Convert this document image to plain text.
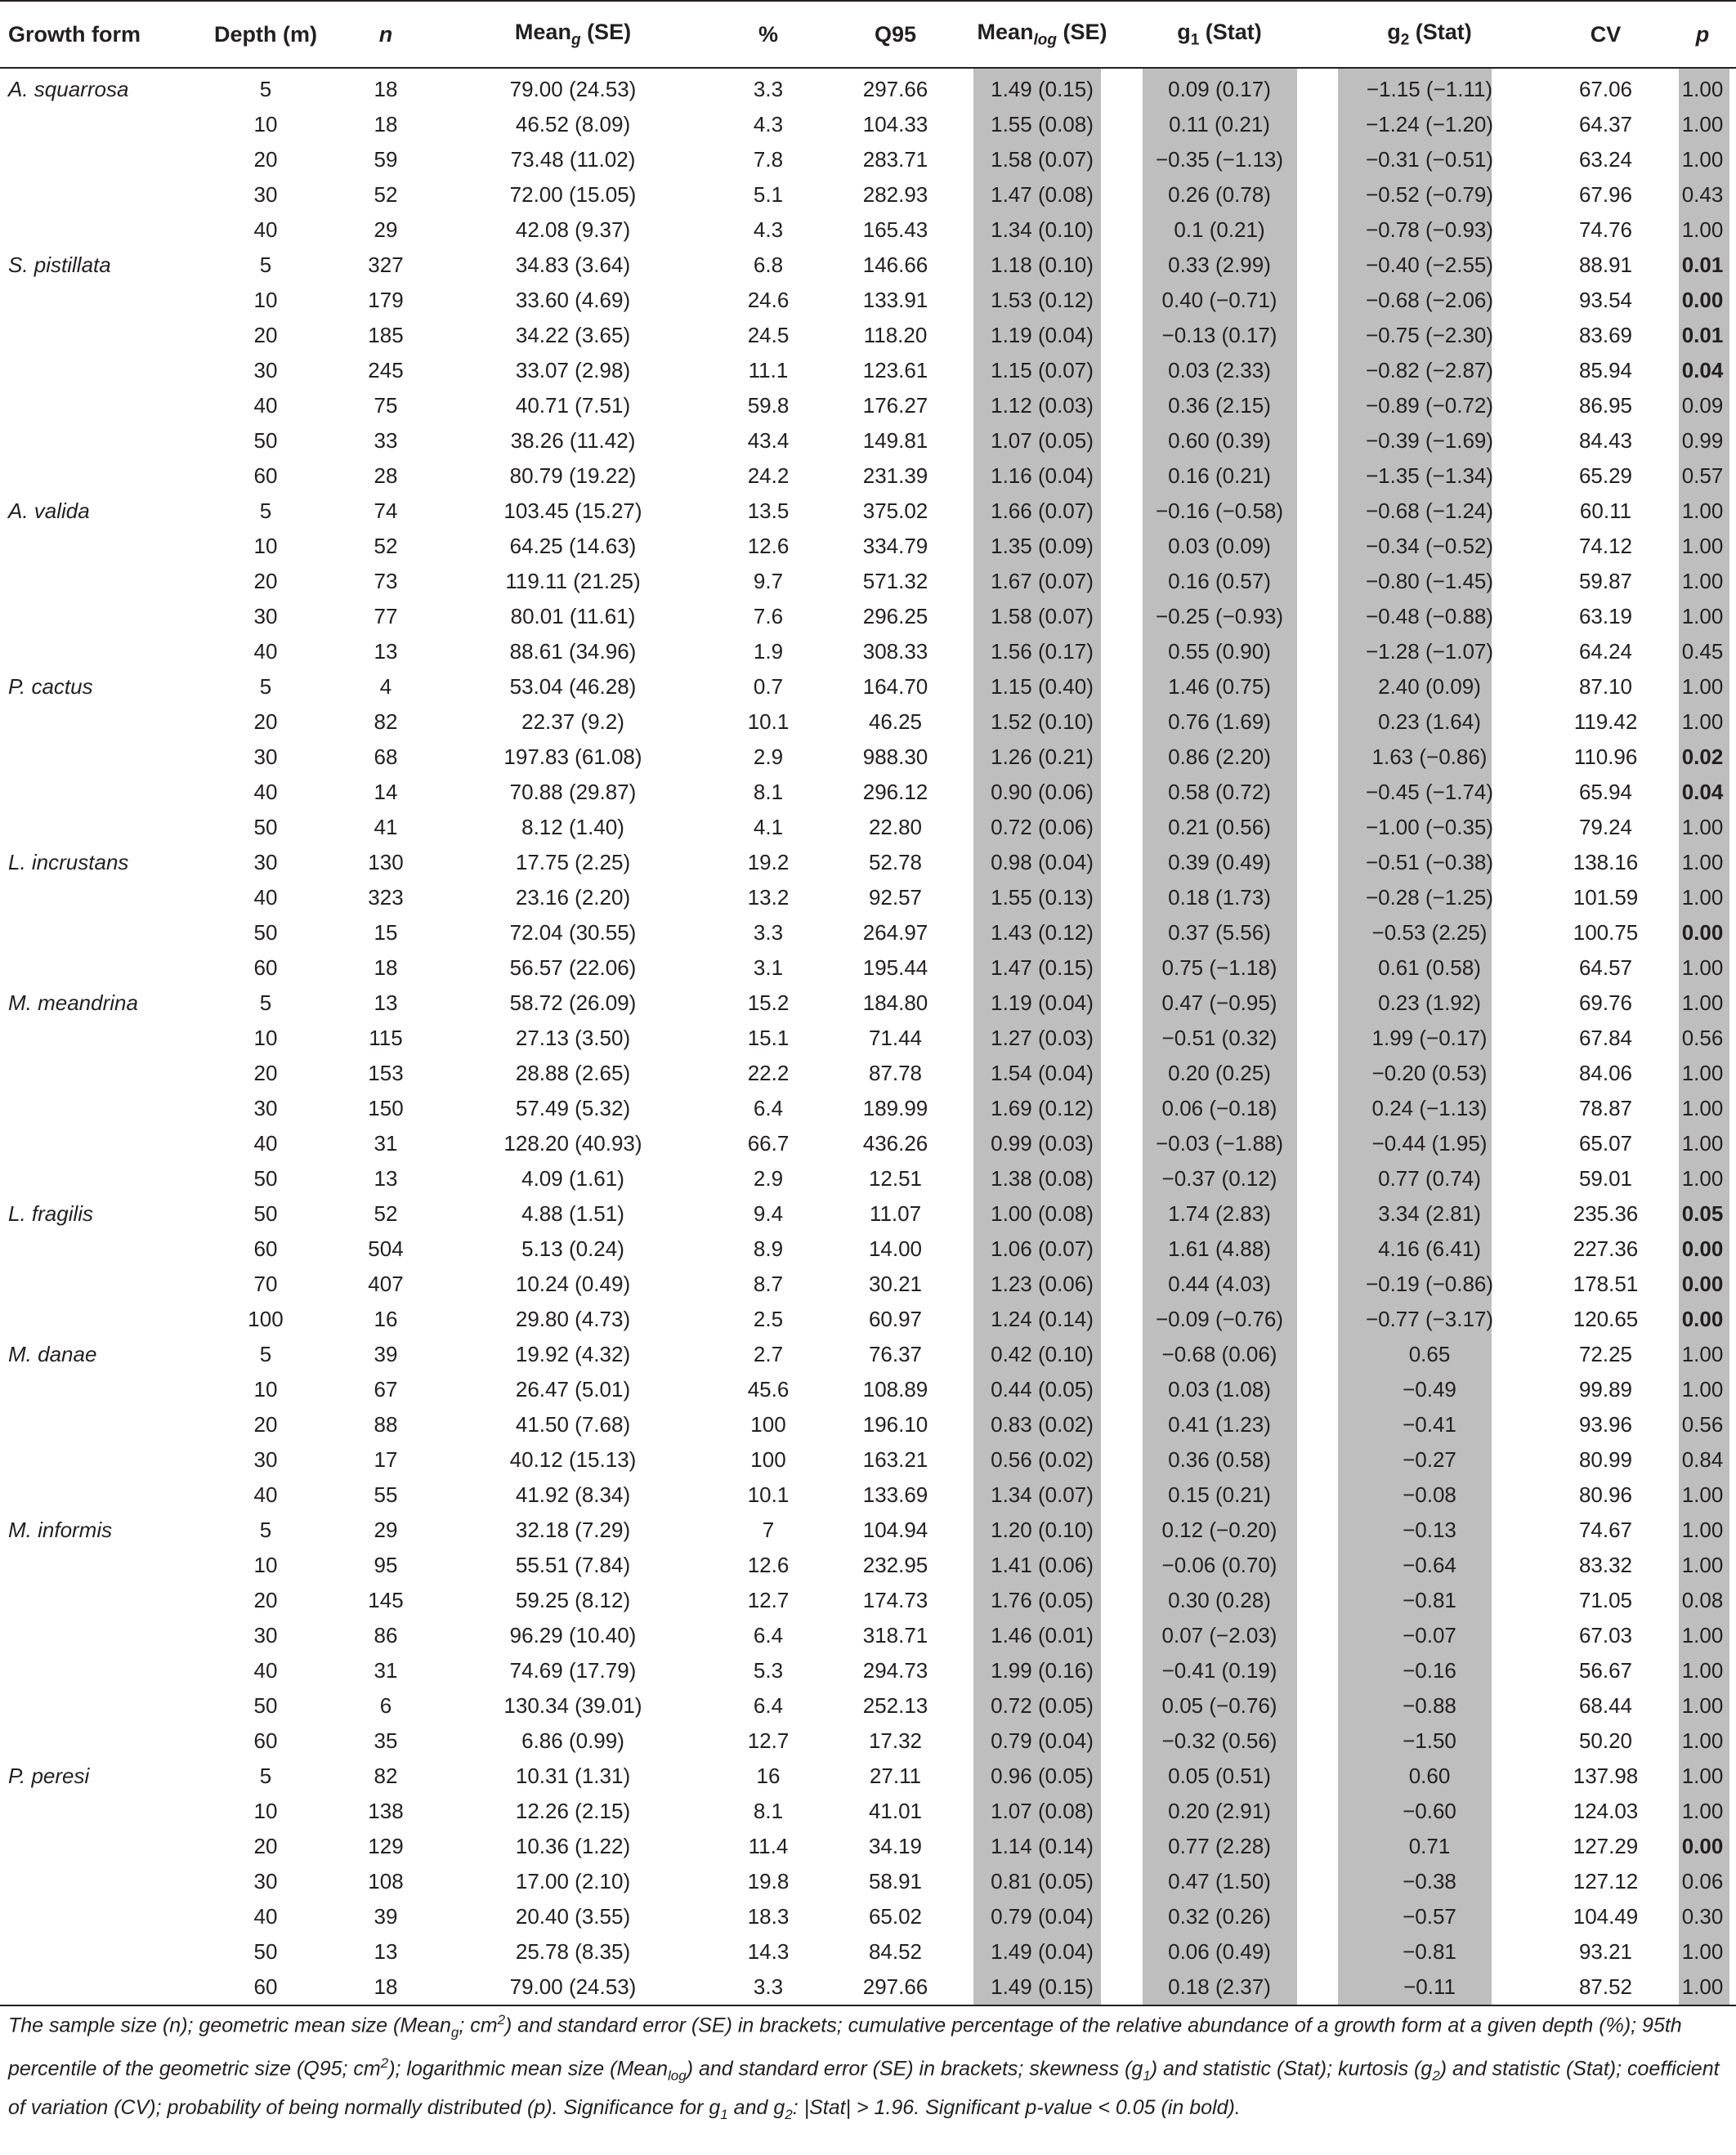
Growth form	Depth (m)	n	Mean$_g$ (SE)	%	Q95	Mean$_{log}$ (SE)	$g_1$ (Stat)	$g_2$ (Stat)	CV	p
A. squarrosa	5	18	79.00 (24.53)	3.3	297.66	1.49 (0.15)	0.09 (0.17)	−1.15 (−1.11)	67.06	1.00
	10	18	46.52 (8.09)	4.3	104.33	1.55 (0.08)	0.11 (0.21)	−1.24 (−1.20)	64.37	1.00
	20	59	73.48 (11.02)	7.8	283.71	1.58 (0.07)	−0.35 (−1.13)	−0.31 (−0.51)	63.24	1.00
	30	52	72.00 (15.05)	5.1	282.93	1.47 (0.08)	0.26 (0.78)	−0.52 (−0.79)	67.96	0.43
	40	29	42.08 (9.37)	4.3	165.43	1.34 (0.10)	0.1 (0.21)	−0.78 (−0.93)	74.76	1.00
S. pistillata	5	327	34.83 (3.64)	6.8	146.66	1.18 (0.10)	0.33 (2.99)	−0.40 (−2.55)	88.91	0.01
	10	179	33.60 (4.69)	24.6	133.91	1.53 (0.12)	0.40 (−0.71)	−0.68 (−2.06)	93.54	0.00
	20	185	34.22 (3.65)	24.5	118.20	1.19 (0.04)	−0.13 (0.17)	−0.75 (−2.30)	83.69	0.01
	30	245	33.07 (2.98)	11.1	123.61	1.15 (0.07)	0.03 (2.33)	−0.82 (−2.87)	85.94	0.04
	40	75	40.71 (7.51)	59.8	176.27	1.12 (0.03)	0.36 (2.15)	−0.89 (−0.72)	86.95	0.09
	50	33	38.26 (11.42)	43.4	149.81	1.07 (0.05)	0.60 (0.39)	−0.39 (−1.69)	84.43	0.99
	60	28	80.79 (19.22)	24.2	231.39	1.16 (0.04)	0.16 (0.21)	−1.35 (−1.34)	65.29	0.57
A. valida	5	74	103.45 (15.27)	13.5	375.02	1.66 (0.07)	−0.16 (−0.58)	−0.68 (−1.24)	60.11	1.00
	10	52	64.25 (14.63)	12.6	334.79	1.35 (0.09)	0.03 (0.09)	−0.34 (−0.52)	74.12	1.00
	20	73	119.11 (21.25)	9.7	571.32	1.67 (0.07)	0.16 (0.57)	−0.80 (−1.45)	59.87	1.00
	30	77	80.01 (11.61)	7.6	296.25	1.58 (0.07)	−0.25 (−0.93)	−0.48 (−0.88)	63.19	1.00
	40	13	88.61 (34.96)	1.9	308.33	1.56 (0.17)	0.55 (0.90)	−1.28 (−1.07)	64.24	0.45
P. cactus	5	4	53.04 (46.28)	0.7	164.70	1.15 (0.40)	1.46 (0.75)	2.40 (0.09)	87.10	1.00
	20	82	22.37 (9.2)	10.1	46.25	1.52 (0.10)	0.76 (1.69)	0.23 (1.64)	119.42	1.00
	30	68	197.83 (61.08)	2.9	988.30	1.26 (0.21)	0.86 (2.20)	1.63 (−0.86)	110.96	0.02
	40	14	70.88 (29.87)	8.1	296.12	0.90 (0.06)	0.58 (0.72)	−0.45 (−1.74)	65.94	0.04
	50	41	8.12 (1.40)	4.1	22.80	0.72 (0.06)	0.21 (0.56)	−1.00 (−0.35)	79.24	1.00
L. incrustans	30	130	17.75 (2.25)	19.2	52.78	0.98 (0.04)	0.39 (0.49)	−0.51 (−0.38)	138.16	1.00
	40	323	23.16 (2.20)	13.2	92.57	1.55 (0.13)	0.18 (1.73)	−0.28 (−1.25)	101.59	1.00
	50	15	72.04 (30.55)	3.3	264.97	1.43 (0.12)	0.37 (5.56)	−0.53 (2.25)	100.75	0.00
	60	18	56.57 (22.06)	3.1	195.44	1.47 (0.15)	0.75 (−1.18)	0.61 (0.58)	64.57	1.00
M. meandrina	5	13	58.72 (26.09)	15.2	184.80	1.19 (0.04)	0.47 (−0.95)	0.23 (1.92)	69.76	1.00
	10	115	27.13 (3.50)	15.1	71.44	1.27 (0.03)	−0.51 (0.32)	1.99 (−0.17)	67.84	0.56
	20	153	28.88 (2.65)	22.2	87.78	1.54 (0.04)	0.20 (0.25)	−0.20 (0.53)	84.06	1.00
	30	150	57.49 (5.32)	6.4	189.99	1.69 (0.12)	0.06 (−0.18)	0.24 (−1.13)	78.87	1.00
	40	31	128.20 (40.93)	66.7	436.26	0.99 (0.03)	−0.03 (−1.88)	−0.44 (1.95)	65.07	1.00
	50	13	4.09 (1.61)	2.9	12.51	1.38 (0.08)	−0.37 (0.12)	0.77 (0.74)	59.01	1.00
L. fragilis	50	52	4.88 (1.51)	9.4	11.07	1.00 (0.08)	1.74 (2.83)	3.34 (2.81)	235.36	0.05
	60	504	5.13 (0.24)	8.9	14.00	1.06 (0.07)	1.61 (4.88)	4.16 (6.41)	227.36	0.00
	70	407	10.24 (0.49)	8.7	30.21	1.23 (0.06)	0.44 (4.03)	−0.19 (−0.86)	178.51	0.00
	100	16	29.80 (4.73)	2.5	60.97	1.24 (0.14)	−0.09 (−0.76)	−0.77 (−3.17)	120.65	0.00
M. danae	5	39	19.92 (4.32)	2.7	76.37	0.42 (0.10)	−0.68 (0.06)	0.65	72.25	1.00
	10	67	26.47 (5.01)	45.6	108.89	0.44 (0.05)	0.03 (1.08)	−0.49	99.89	1.00
	20	88	41.50 (7.68)	100	196.10	0.83 (0.02)	0.41 (1.23)	−0.41	93.96	0.56
	30	17	40.12 (15.13)	100	163.21	0.56 (0.02)	0.36 (0.58)	−0.27	80.99	0.84
	40	55	41.92 (8.34)	10.1	133.69	1.34 (0.07)	0.15 (0.21)	−0.08	80.96	1.00
M. informis	5	29	32.18 (7.29)	7	104.94	1.20 (0.10)	0.12 (−0.20)	−0.13	74.67	1.00
	10	95	55.51 (7.84)	12.6	232.95	1.41 (0.06)	−0.06 (0.70)	−0.64	83.32	1.00
	20	145	59.25 (8.12)	12.7	174.73	1.76 (0.05)	0.30 (0.28)	−0.81	71.05	0.08
	30	86	96.29 (10.40)	6.4	318.71	1.46 (0.01)	0.07 (−2.03)	−0.07	67.03	1.00
	40	31	74.69 (17.79)	5.3	294.73	1.99 (0.16)	−0.41 (0.19)	−0.16	56.67	1.00
	50	6	130.34 (39.01)	6.4	252.13	0.72 (0.05)	0.05 (−0.76)	−0.88	68.44	1.00
	60	35	6.86 (0.99)	12.7	17.32	0.79 (0.04)	−0.32 (0.56)	−1.50	50.20	1.00
P. peresi	5	82	10.31 (1.31)	16	27.11	0.96 (0.05)	0.05 (0.51)	0.60	137.98	1.00
	10	138	12.26 (2.15)	8.1	41.01	1.07 (0.08)	0.20 (2.91)	−0.60	124.03	1.00
	20	129	10.36 (1.22)	11.4	34.19	1.14 (0.14)	0.77 (2.28)	0.71	127.29	0.00
	30	108	17.00 (2.10)	19.8	58.91	0.81 (0.05)	0.47 (1.50)	−0.38	127.12	0.06
	40	39	20.40 (3.55)	18.3	65.02	0.79 (0.04)	0.32 (0.26)	−0.57	104.49	0.30
	50	13	25.78 (8.35)	14.3	84.52	1.49 (0.04)	0.06 (0.49)	−0.81	93.21	1.00
	60	18	79.00 (24.53)	3.3	297.66	1.49 (0.15)	0.18 (2.37)	−0.11	87.52	1.00
The sample size (n); geometric mean size (Mean$_g$; $cm^2$) and standard error (SE) in brackets; cumulative percentage of the relative abundance of a growth form at a given depth (%); 95th percentile of the geometric size (Q95; $cm^2$); logarithmic mean size (Mean$_{log}$) and standard error (SE) in brackets; skewness $(g_1)$ and statistic (Stat); kurtosis $(g_2)$ and statistic (Stat); coefficient of variation (CV); probability of being normally distributed (p). Significance for $g_1$ and $g_2$: |Stat| > 1.96. Significant p-value < 0.05 (in bold).
